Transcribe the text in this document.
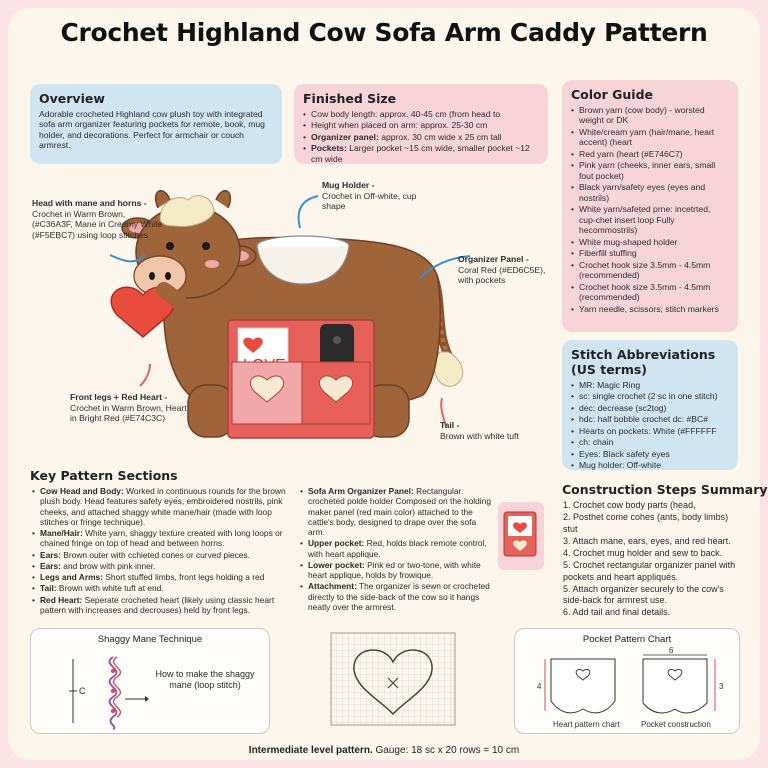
Crochet Highland Cow Sofa Arm Caddy Pattern
Overview

Adorable crocheted Highland cow plush toy with integrated sofa arm organizer featuring pockets for remote, book, mug holder, and decorations. Perfect for armchair or couch armrest.

Finished Size
• Cow body length: approx. 40-45 cm (from head to
• Height when placed on arm: approx. 25-30 cm
• Organizer panel: approx. 30 cm wide x 25 cm tall
• Pockets: Larger pocket ~15 cm wide, smaller pocket ~12 cm wide
Color Guide
• Brown yarn (cow body) - worsted weight or DK
• White/cream yarn (hair/mane, heart accent) (heart
• Red yarn (heart (#E746C7)
• Pink yarn (cheeks, inner ears, small fout pocket)
• Black yarn/safety eyes (eyes and nostrils)
• White yarn/safeted prne: incetrted, cup-chet insert loop Fully hecommostrils)
• White mug-shaped holder
• Fiberfill stuffing
• Crochet hook size 3.5mm - 4.5mm (recommended)
• Crochet hook size 3.5mm - 4.5mm (recommended)
• Yarn needle, scissors, stitch markers
Stitch Abbreviations (US terms)
• MR: Magic Ring
• sc: single crochet (2 sc in one stitch)
• dec: decrease (sc2tog)
• hdc: half bobble crochet dc: #BC#
• Hearts on pockets: White (#FFFFFF
• ch: chain
• Eyes: Black safety eyes
• Mug holder: Off-white
Head with mane and horns -
Crochet in Warm Brown, (#C36A3F, Mane in Creamy White (#F5EBC7) using loop stitches
Mug Holder -
Crochet in Off-white, cup shape
Organizer Panel -
Coral Red (#ED6C5E), with pockets
Front legs + Red Heart -
Crochet in Warm Brown, Heart in Bright Red (#E74C3C)
Tail -
Brown with white tuft
Key Pattern Sections
• Cow Head and Body: Worked in continuous rounds for the brown plush body. Head features safety eyes, embroidered nostrils, pink cheeks, and attached shaggy white mane/hair (made with loop stitches or fringe technique).
• Mane/Hair: White yarn, shaggy texture created with long loops or chained fringe on top of head and between horns.
• Ears: Brown outer with cchieted cones or curved pieces.
• Ears: and brow with pink inner.
• Legs and Arms: Short stuffed limbs, front legs holding a red
• Tail: Brown with white tuft at end.
• Red Heart: Seperate crocheted heart (likely using classic heart pattern with increases and decrouses) held by front legs.
• Sofa Arm Organizer Panel: Rectangular crocheted polde holder Composed on the holding maker panel (red main color) attached to the cattle's body, designed to drape over the sofa arm.
• Upper pocket: Red, holds black remote control, with heart applique.
• Lower pocket: Pink ed or two-tone, with white heart applique, holds by frowique.
• Attachment: The organizer is sewn or crocheted directly to the side-back of the cow so it hangs neatly over the armrest.
Construction Steps Summary
1. Crochet cow body parts (head,
2. Posthet come cohes (ants, body limbs) stut
3. Attach mane, ears, eyes, and red heart.
4. Crochet mug holder and sew to back.
5. Crochet rectangular organizer panel with pockets and heart appliqués.
5. Attach organizer securely to the cow's side-back for armrest use.
6. Add tail and final details.
Shaggy Mane Technique
C
How to make the shaggy mane (loop stitch)
Pocket Pattern Chart
6
4	3
Heart pattern chart	Pocket construction
Intermediate level pattern. Gauge: 18 sc x 20 rows = 10 cm
